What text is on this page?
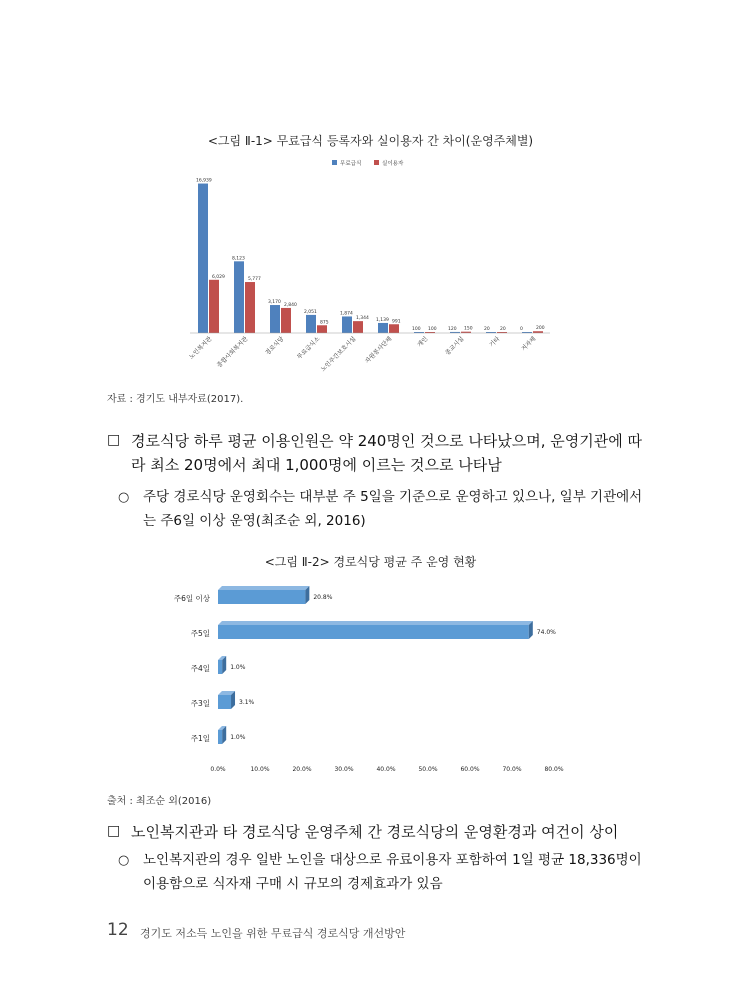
<그림 Ⅱ-1> 무료급식 등록자와 실이용자 간 차이(운영주체별)
무료급식	실이용자
16,939
6,029
노인복지관
8,123
5,777
종합사회복지관
3,170
2,840
경로식당
2,051
875
무료급식소
1,874
1,344
노인주간보호시설
1,139 991
자원봉사단체
100 100
개인
120 150
종교시설
20 20
기타
0	200
지자체
자료 : 경기도 내부자료(2017).
□ 경로식당 하루 평균 이용인원은 약 240명인 것으로 나타났으며, 운영기관에 따라 최소 20명에서 최대 1,000명에 이르는 것으로 나타남
○ 주당 경로식당 운영회수는 대부분 주 5일을 기준으로 운영하고 있으나, 일부 기관에서는 주6일 이상 운영(최조순 외, 2016)
<그림 Ⅱ-2> 경로식당 평균 주 운영 현황
주6일 이상
주5일
주4일
주3일
주1일
20.8%
74.0%
1.0%
3.1%
1.0%
0.0%	10.0%	20.0%	30.0%	40.0%	50.0%	60.0%	70.0%	80.0%
출처 : 최조순 외(2016)
□ 노인복지관과 타 경로식당 운영주체 간 경로식당의 운영환경과 여건이 상이
○ 노인복지관의 경우 일반 노인을 대상으로 유료이용자 포함하여 1일 평균 18,336명이 이용함으로 식자재 구매 시 규모의 경제효과가 있음
12 경기도 저소득 노인을 위한 무료급식 경로식당 개선방안
